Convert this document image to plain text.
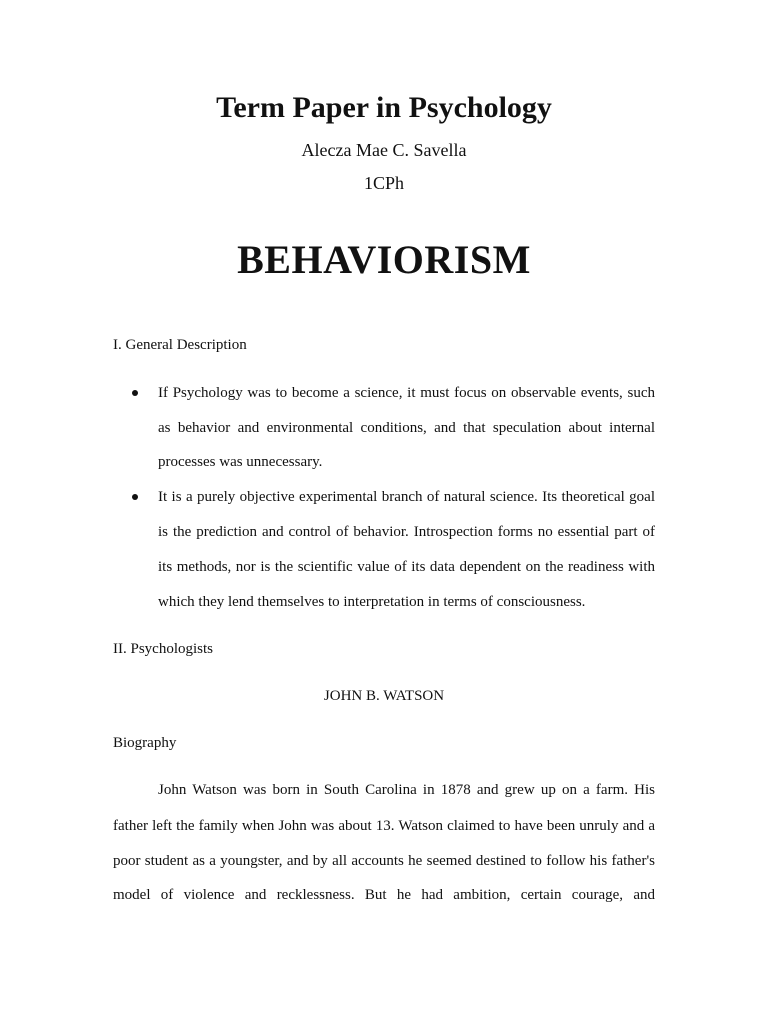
Term Paper in Psychology

Alecza Mae C. Savella

1CPh

BEHAVIORISM

I. General Description

If Psychology was to become a science, it must focus on observable events, such
as behavior and environmental conditions, and that speculation about internal
processes was unnecessary.
It is a purely objective experimental branch of natural science. Its theoretical goal
is the prediction and control of behavior. Introspection forms no essential part of
its methods, nor is the scientific value of its data dependent on the readiness with
which they lend themselves to interpretation in terms of consciousness.

II. Psychologists

JOHN B. WATSON

Biography

John Watson was born in South Carolina in 1878 and grew up on a farm. His
father left the family when John was about 13. Watson claimed to have been unruly and a
poor student as a youngster, and by all accounts he seemed destined to follow his father's
model of violence and recklessness. But he had ambition, certain courage, and
